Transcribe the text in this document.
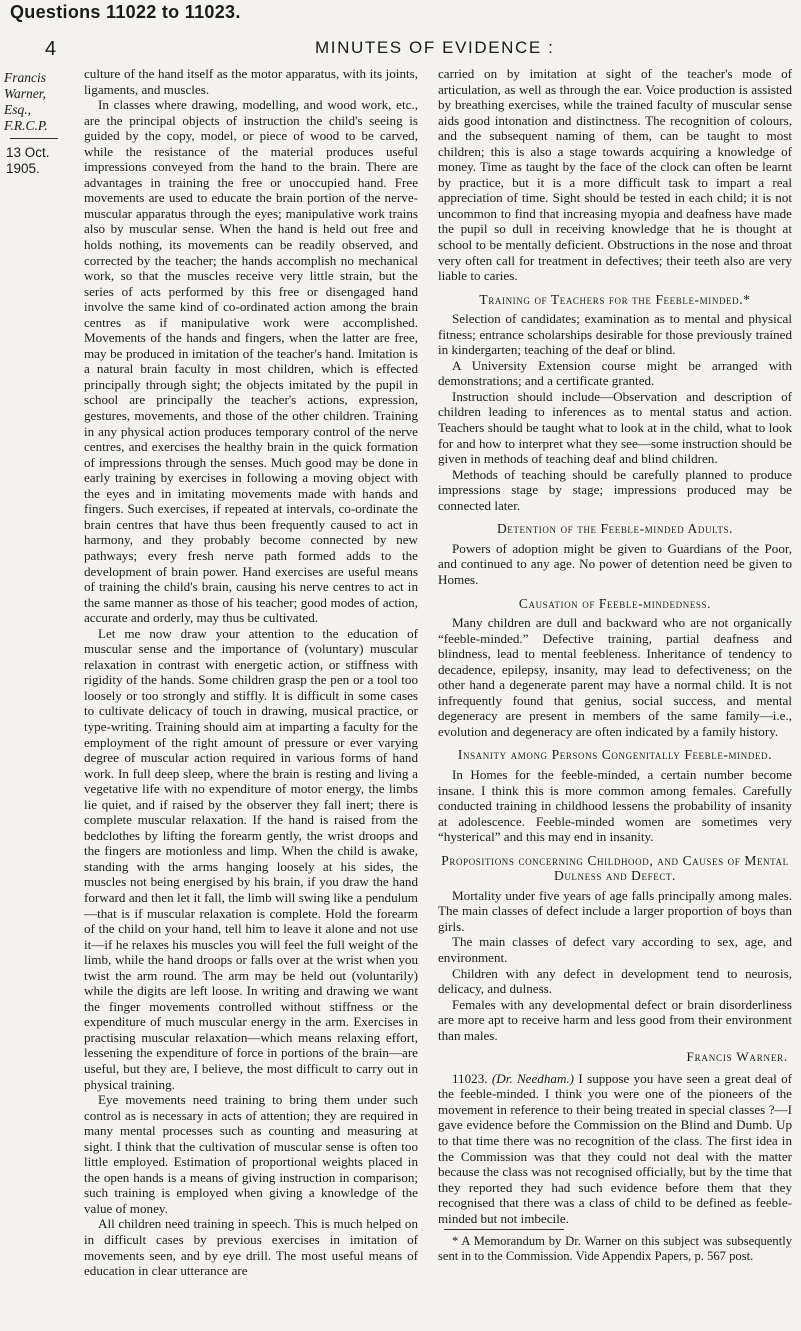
Questions 11022 to 11023.
4	MINUTES OF EVIDENCE :
Francis
Warner, Esq.,
F.R.C.P.
13 Oct. 1905.

culture of the hand itself as the motor apparatus, with its joints, ligaments, and muscles.

In classes where drawing, modelling, and wood work, etc., are the principal objects of instruction the child's seeing is guided by the copy, model, or piece of wood to be carved, while the resistance of the material produces useful impressions conveyed from the hand to the brain. There are advantages in training the free or unoccupied hand. Free movements are used to educate the brain portion of the nerve-muscular apparatus through the eyes; manipulative work trains also by muscular sense. When the hand is held out free and holds nothing, its movements can be readily observed, and corrected by the teacher; the hands accomplish no mechanical work, so that the muscles receive very little strain, but the series of acts performed by this free or disengaged hand involve the same kind of co-ordinated action among the brain centres as if manipulative work were accomplished. Movements of the hands and fingers, when the latter are free, may be produced in imitation of the teacher's hand. Imitation is a natural brain faculty in most children, which is effected principally through sight; the objects imitated by the pupil in school are principally the teacher's actions, expression, gestures, movements, and those of the other children. Training in any physical action produces temporary control of the nerve centres, and exercises the healthy brain in the quick formation of impressions through the senses. Much good may be done in early training by exercises in following a moving object with the eyes and in imitating movements made with hands and fingers. Such exercises, if repeated at intervals, co-ordinate the brain centres that have thus been frequently caused to act in harmony, and they probably become connected by new pathways; every fresh nerve path formed adds to the development of brain power. Hand exercises are useful means of training the child's brain, causing his nerve centres to act in the same manner as those of his teacher; good modes of action, accurate and orderly, may thus be cultivated.

Let me now draw your attention to the education of muscular sense and the importance of (voluntary) muscular relaxation in contrast with energetic action, or stiffness with rigidity of the hands. Some children grasp the pen or a tool too loosely or too strongly and stiffly. It is difficult in some cases to cultivate delicacy of touch in drawing, musical practice, or type-writing. Training should aim at imparting a faculty for the employment of the right amount of pressure or ever varying degree of muscular action required in various forms of hand work. In full deep sleep, where the brain is resting and living a vegetative life with no expenditure of motor energy, the limbs lie quiet, and if raised by the observer they fall inert; there is complete muscular relaxation. If the hand is raised from the bedclothes by lifting the forearm gently, the wrist droops and the fingers are motionless and limp. When the child is awake, standing with the arms hanging loosely at his sides, the muscles not being energised by his brain, if you draw the hand forward and then let it fall, the limb will swing like a pendulum—that is if muscular relaxation is complete. Hold the forearm of the child on your hand, tell him to leave it alone and not use it—if he relaxes his muscles you will feel the full weight of the limb, while the hand droops or falls over at the wrist when you twist the arm round. The arm may be held out (voluntarily) while the digits are left loose. In writing and drawing we want the finger movements controlled without stiffness or the expenditure of much muscular energy in the arm. Exercises in practising muscular relaxation—which means relaxing effort, lessening the expenditure of force in portions of the brain—are useful, but they are, I believe, the most difficult to carry out in physical training.

Eye movements need training to bring them under such control as is necessary in acts of attention; they are required in many mental processes such as counting and measuring at sight. I think that the cultivation of muscular sense is often too little employed. Estimation of proportional weights placed in the open hands is a means of giving instruction in comparison; such training is employed when giving a knowledge of the value of money.

All children need training in speech. This is much helped on in difficult cases by previous exercises in imitation of movements seen, and by eye drill. The most useful means of education in clear utterance are

carried on by imitation at sight of the teacher's mode of articulation, as well as through the ear. Voice production is assisted by breathing exercises, while the trained faculty of muscular sense aids good intonation and distinctness. The recognition of colours, and the subsequent naming of them, can be taught to most children; this is also a stage towards acquiring a knowledge of money. Time as taught by the face of the clock can often be learnt by practice, but it is a more difficult task to impart a real appreciation of time. Sight should be tested in each child; it is not uncommon to find that increasing myopia and deafness have made the pupil so dull in receiving knowledge that he is thought at school to be mentally deficient. Obstructions in the nose and throat very often call for treatment in defectives; their teeth also are very liable to caries.

Training of Teachers for the Feeble-minded.*

Selection of candidates; examination as to mental and physical fitness; entrance scholarships desirable for those previously trained in kindergarten; teaching of the deaf or blind.

A University Extension course might be arranged with demonstrations; and a certificate granted.

Instruction should include—Observation and description of children leading to inferences as to mental status and action. Teachers should be taught what to look at in the child, what to look for and how to interpret what they see—some instruction should be given in methods of teaching deaf and blind children.

Methods of teaching should be carefully planned to produce impressions stage by stage; impressions produced may be connected later.

Detention of the Feeble-minded Adults.

Powers of adoption might be given to Guardians of the Poor, and continued to any age. No power of detention need be given to Homes.

Causation of Feeble-mindedness.

Many children are dull and backward who are not organically “feeble-minded.” Defective training, partial deafness and blindness, lead to mental feebleness. Inheritance of tendency to decadence, epilepsy, insanity, may lead to defectiveness; on the other hand a degenerate parent may have a normal child. It is not infrequently found that genius, social success, and mental degeneracy are present in members of the same family—i.e., evolution and degeneracy are often indicated by a family history.

Insanity among Persons Congenitally Feeble-minded.

In Homes for the feeble-minded, a certain number become insane. I think this is more common among females. Carefully conducted training in childhood lessens the probability of insanity at adolescence. Feeble-minded women are sometimes very “hysterical” and this may end in insanity.

Propositions concerning Childhood, and Causes of Mental Dulness and Defect.

Mortality under five years of age falls principally among males. The main classes of defect include a larger proportion of boys than girls.

The main classes of defect vary according to sex, age, and environment.

Children with any defect in development tend to neurosis, delicacy, and dulness.

Females with any developmental defect or brain disorderliness are more apt to receive harm and less good from their environment than males.

Francis Warner.

11023. (Dr. Needham.) I suppose you have seen a great deal of the feeble-minded. I think you were one of the pioneers of the movement in reference to their being treated in special classes ?—I gave evidence before the Commission on the Blind and Dumb. Up to that time there was no recognition of the class. The first idea in the Commission was that they could not deal with the matter because the class was not recognised officially, but by the time that they reported they had such evidence before them that they recognised that there was a class of child to be defined as feeble-minded but not imbecile.

* A Memorandum by Dr. Warner on this subject was subsequently sent in to the Commission. Vide Appendix Papers, p. 567 post.
